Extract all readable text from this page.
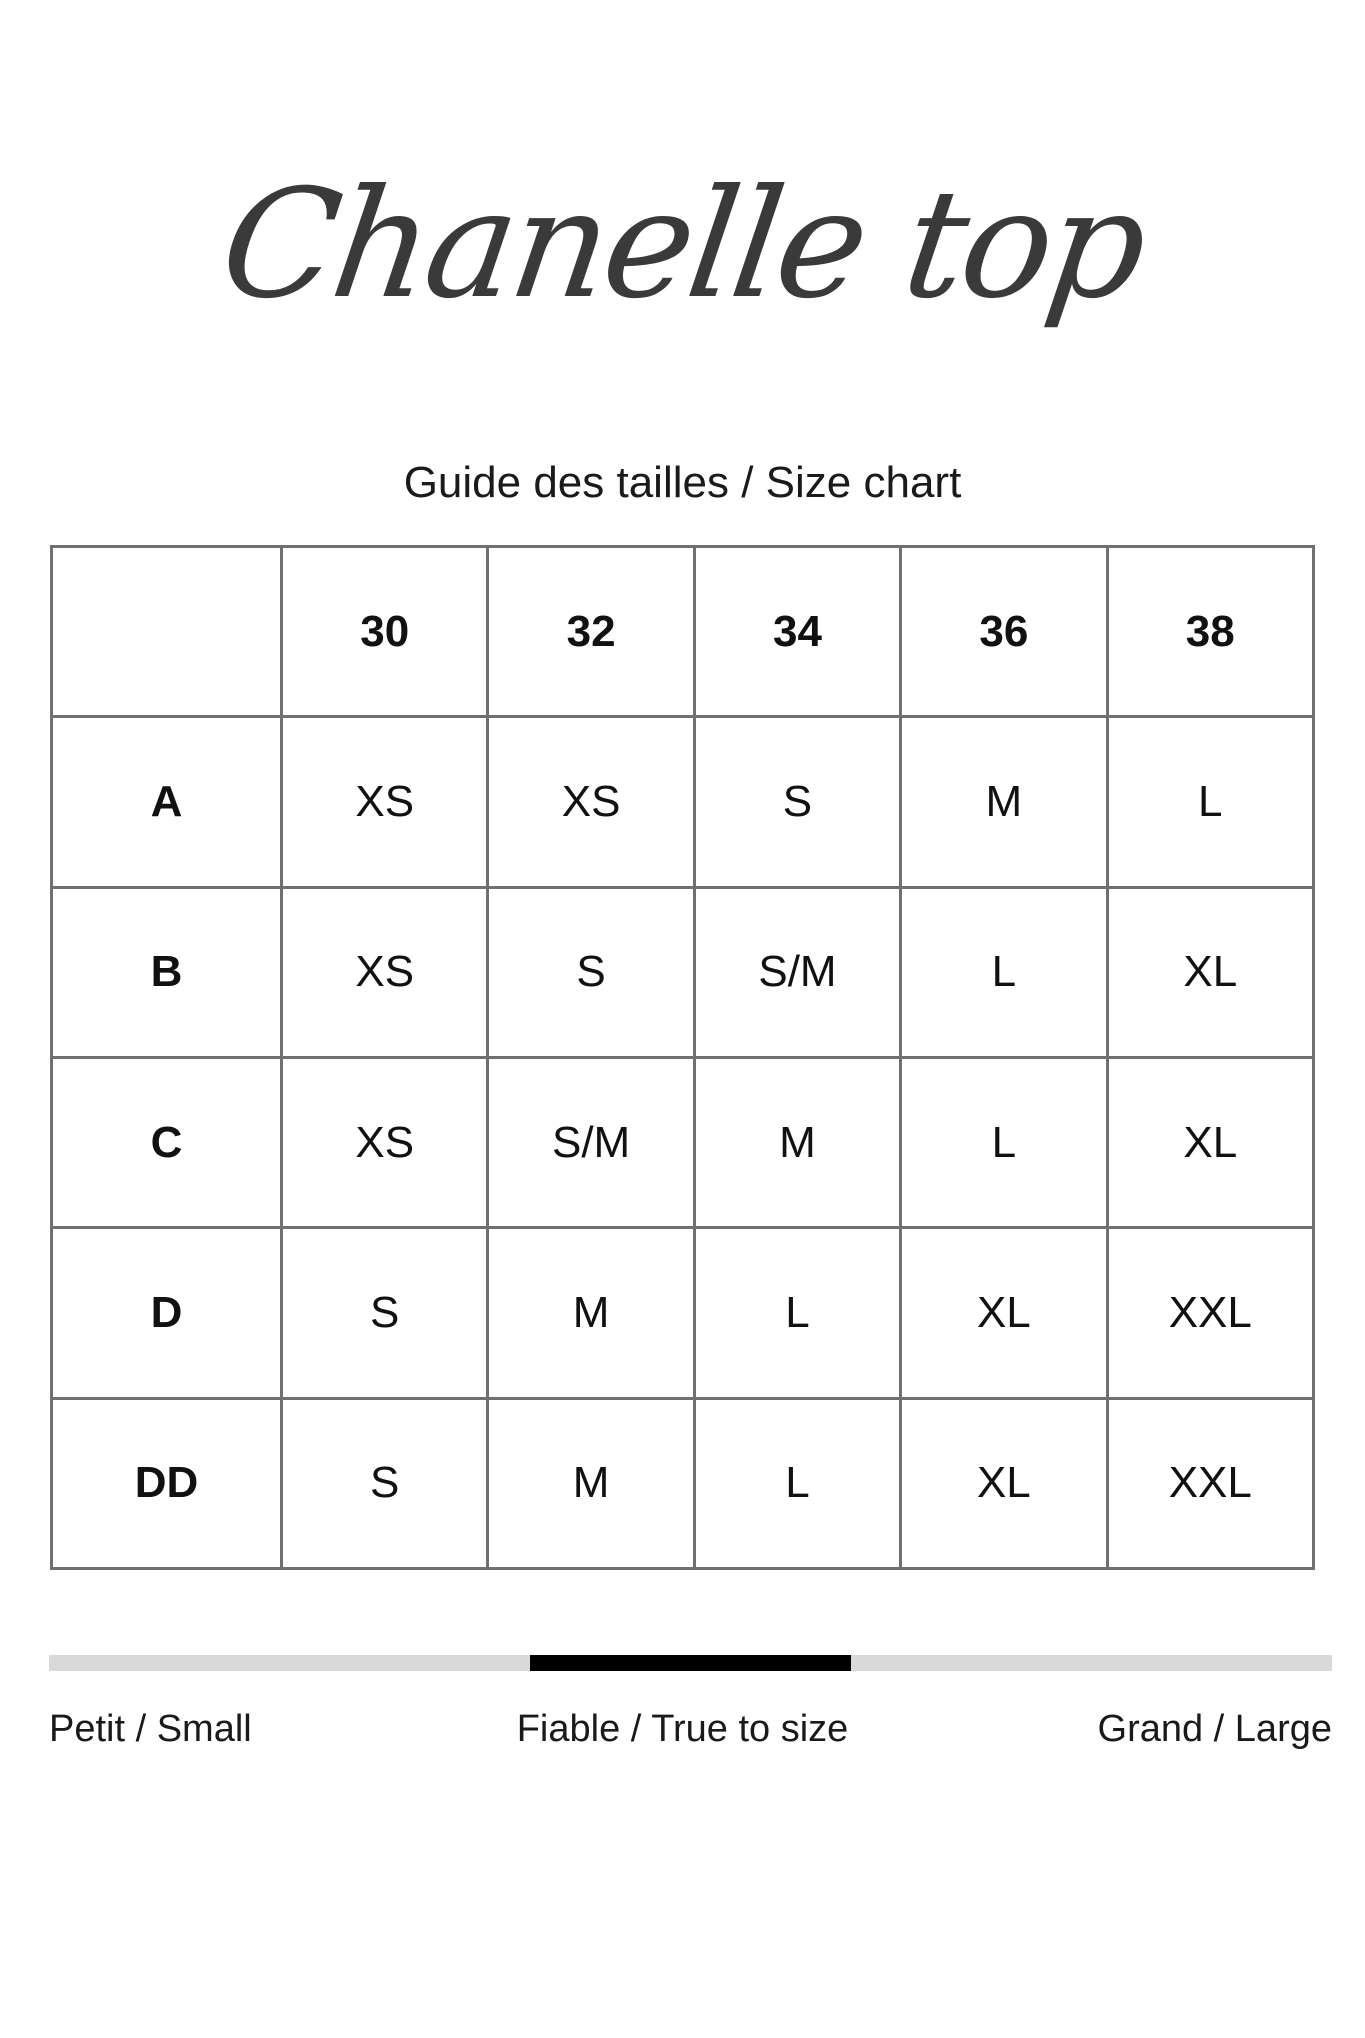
Chanelle top
Guide des tailles / Size chart
	30	32	34	36	38
A	XS	XS	S	M	L
B	XS	S	S/M	L	XL
C	XS	S/M	M	L	XL
D	S	M	L	XL	XXL
DD	S	M	L	XL	XXL
Petit / Small	Fiable / True to size	Grand / Large
